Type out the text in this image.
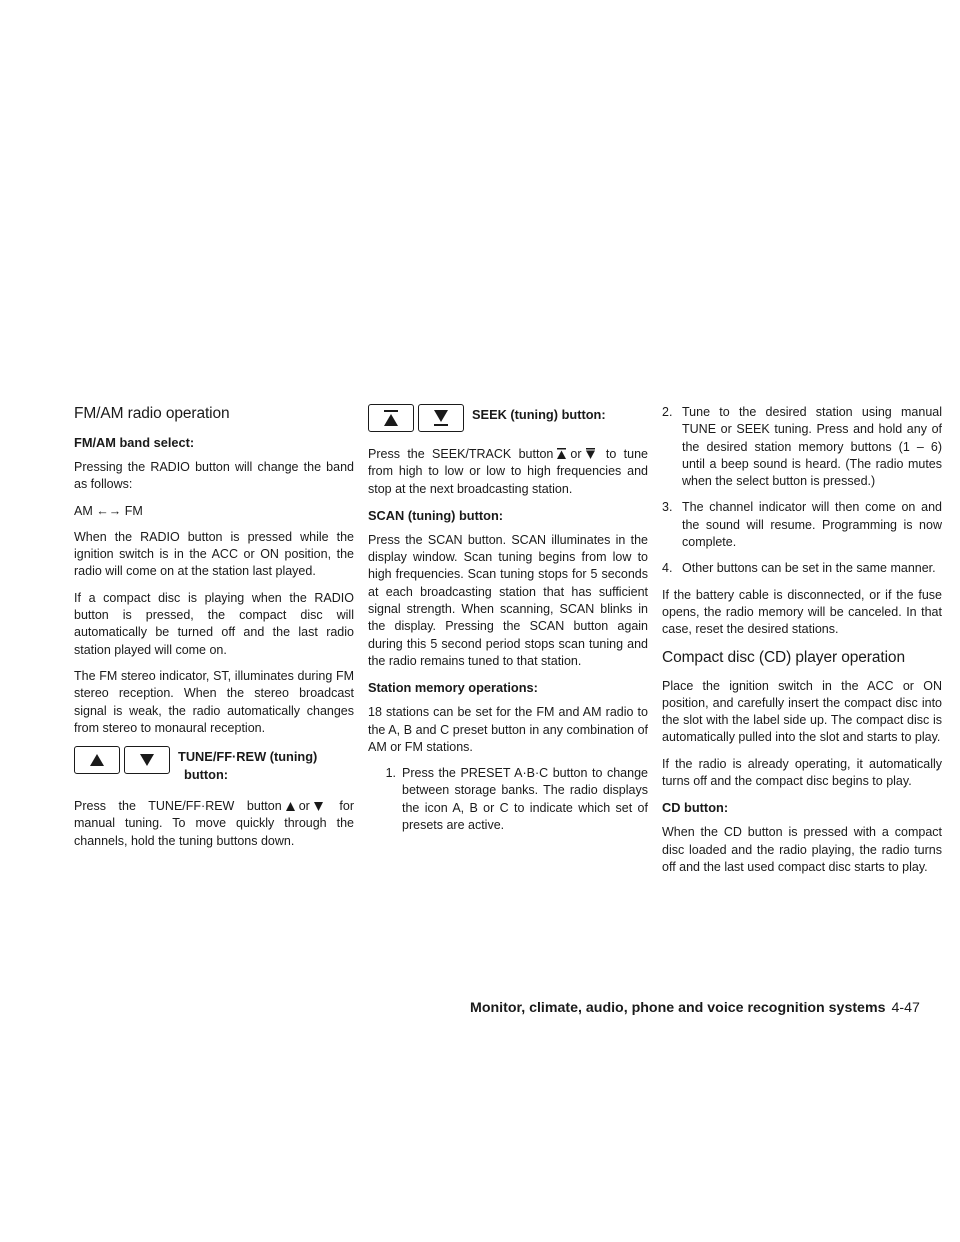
FM/AM radio operation
FM/AM band select:

Pressing the RADIO button will change the band as follows:

AM ←→ FM

When the RADIO button is pressed while the ignition switch is in the ACC or ON position, the radio will come on at the station last played.

If a compact disc is playing when the RADIO button is pressed, the compact disc will automatically be turned off and the last radio station played will come on.

The FM stereo indicator, ST, illuminates during FM stereo reception. When the stereo broadcast signal is weak, the radio automatically changes from stereo to monaural reception.

TUNE/FF·REW (tuning)
button:

Press the TUNE/FF·REW button or for manual tuning. To move quickly through the channels, hold the tuning buttons down.

SEEK (tuning) button:

Press the SEEK/TRACK button or to tune from high to low or low to high frequencies and stop at the next broadcasting station.

SCAN (tuning) button:

Press the SCAN button. SCAN illuminates in the display window. Scan tuning begins from low to high frequencies. Scan tuning stops for 5 seconds at each broadcasting station that has sufficient signal strength. When scanning, SCAN blinks in the display. Pressing the SCAN button again during this 5 second period stops scan tuning and the radio remains tuned to that station.

Station memory operations:

18 stations can be set for the FM and AM radio to the A, B and C preset button in any combination of AM or FM stations.

1. Press the PRESET A·B·C button to change between storage banks. The radio displays the icon A, B or C to indicate which set of presets are active.
2. Tune to the desired station using manual TUNE or SEEK tuning. Press and hold any of the desired station memory buttons (1 – 6) until a beep sound is heard. (The radio mutes when the select button is pressed.)
3. The channel indicator will then come on and the sound will resume. Programming is now complete.
4. Other buttons can be set in the same manner.

If the battery cable is disconnected, or if the fuse opens, the radio memory will be canceled. In that case, reset the desired stations.

Compact disc (CD) player operation

Place the ignition switch in the ACC or ON position, and carefully insert the compact disc into the slot with the label side up. The compact disc is automatically pulled into the slot and starts to play.

If the radio is already operating, it automatically turns off and the compact disc begins to play.

CD button:

When the CD button is pressed with a compact disc loaded and the radio playing, the radio turns off and the last used compact disc starts to play.

Monitor, climate, audio, phone and voice recognition systems 4-47
